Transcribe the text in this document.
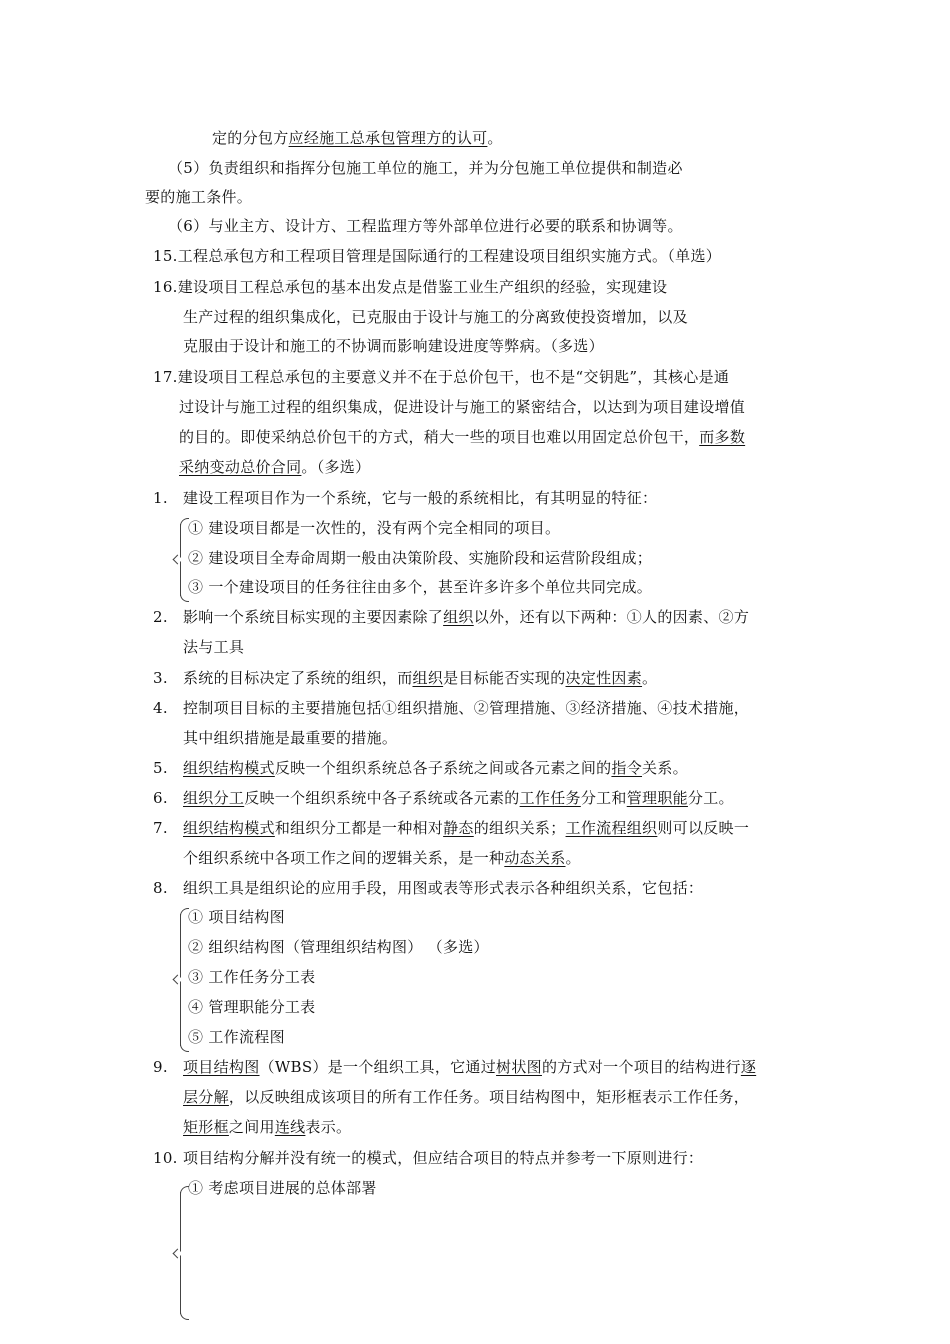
定的分包方应经施工总承包管理方的认可。
（5）负责组织和指挥分包施工单位的施工，并为分包施工单位提供和制造必
要的施工条件。
（6）与业主方、设计方、工程监理方等外部单位进行必要的联系和协调等。
15.工程总承包方和工程项目管理是国际通行的工程建设项目组织实施方式。（单选）
16.建设项目工程总承包的基本出发点是借鉴工业生产组织的经验，实现建设
生产过程的组织集成化，已克服由于设计与施工的分离致使投资增加，以及
克服由于设计和施工的不协调而影响建设进度等弊病。（多选）
17.建设项目工程总承包的主要意义并不在于总价包干，也不是“交钥匙”，其核心是通
过设计与施工过程的组织集成，促进设计与施工的紧密结合，以达到为项目建设增值
的目的。即使采纳总价包干的方式，稍大一些的项目也难以用固定总价包干，而多数
采纳变动总价合同。（多选）
1. 建设工程项目作为一个系统，它与一般的系统相比，有其明显的特征：
① 建设项目都是一次性的，没有两个完全相同的项目。
② 建设项目全寿命周期一般由决策阶段、实施阶段和运营阶段组成；
③ 一个建设项目的任务往往由多个，甚至许多许多个单位共同完成。
2. 影响一个系统目标实现的主要因素除了组织以外，还有以下两种：①人的因素、②方
法与工具
3. 系统的目标决定了系统的组织，而组织是目标能否实现的决定性因素。
4. 控制项目目标的主要措施包括①组织措施、②管理措施、③经济措施、④技术措施，
其中组织措施是最重要的措施。
5. 组织结构模式反映一个组织系统总各子系统之间或各元素之间的指令关系。
6. 组织分工反映一个组织系统中各子系统或各元素的工作任务分工和管理职能分工。
7. 组织结构模式和组织分工都是一种相对静态的组织关系；工作流程组织则可以反映一
个组织系统中各项工作之间的逻辑关系，是一种动态关系。
8. 组织工具是组织论的应用手段，用图或表等形式表示各种组织关系，它包括：
① 项目结构图
② 组织结构图（管理组织结构图） （多选）
③ 工作任务分工表
④ 管理职能分工表
⑤ 工作流程图
9. 项目结构图（WBS）是一个组织工具，它通过树状图的方式对一个项目的结构进行逐
层分解，以反映组成该项目的所有工作任务。项目结构图中，矩形框表示工作任务，
矩形框之间用连线表示。
10. 项目结构分解并没有统一的模式，但应结合项目的特点并参考一下原则进行：
① 考虑项目进展的总体部署
